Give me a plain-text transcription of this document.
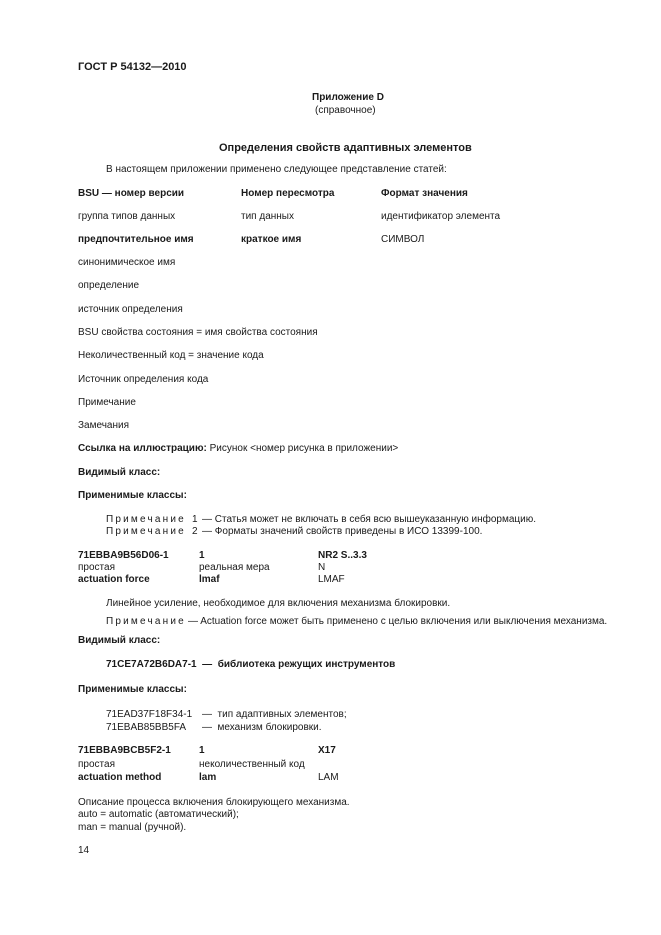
ГОСТ Р 54132—2010
Приложение D
(справочное)
Определения свойств адаптивных элементов
В настоящем приложении применено следующее представление статей:
BSU — номер версии	Номер пересмотра	Формат значения
группа типов данных	тип данных	идентификатор элемента
предпочтительное имя	краткое имя	СИМВОЛ
синонимическое имя
определение
источник определения
BSU свойства состояния = имя свойства состояния
Неколичественный код = значение кода
Источник определения кода
Примечание
Замечания
Ссылка на иллюстрацию: Рисунок <номер рисунка в приложении>
Видимый класс:
Применимые классы:
Примечание 1 — Статья может не включать в себя всю вышеуказанную информацию.
Примечание 2 — Форматы значений свойств приведены в ИСО 13399-100.
71EBBA9B56D06-1	1	NR2 S..3.3
простая	реальная мера	N
actuation force	lmaf	LMAF
Линейное усиление, необходимое для включения механизма блокировки.
Примечание — Actuation force может быть применено с целью включения или выключения механизма.
Видимый класс:
71CE7A72B6DA7-1  —  библиотека режущих инструментов
Применимые классы:
71EAD37F18F34-1 —  тип адаптивных элементов;
71EBAB85BB5FA —  механизм блокировки.
71EBBA9BCB5F2-1	1	X17
простая	неколичественный код
actuation method	lam	LAM
Описание процесса включения блокирующего механизма.
auto = automatic (автоматический);
man = manual (ручной).
14
